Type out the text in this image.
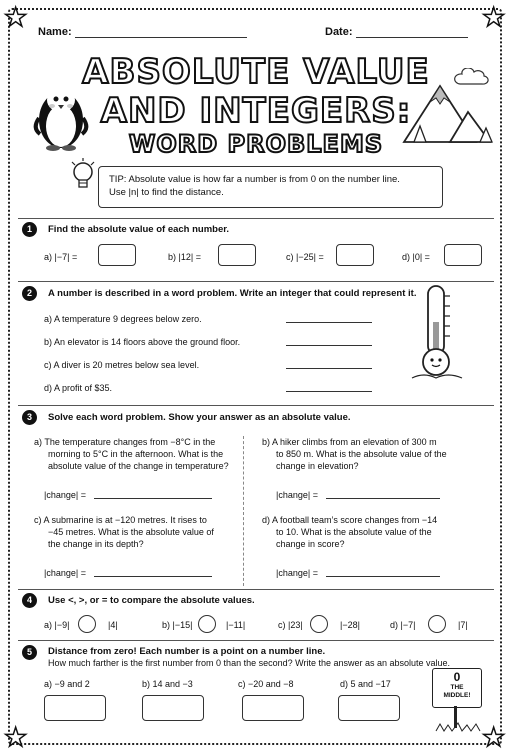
★	★
★	★
Name:	Date:
ABSOLUTE VALUE
AND INTEGERS:
WORD PROBLEMS
TIP: Absolute value is how far a number is from 0 on the number line.
Use |n| to find the distance.
1	Find the absolute value of each number.
a) |−7| =	b) |12| =	c) |−25| =	d) |0| =
2	A number is described in a word problem. Write an integer that could represent it.
a) A temperature 9 degrees below zero.
b) An elevator is 14 floors above the ground floor.
c) A diver is 20 metres below sea level.
d) A profit of $35.
3	Solve each word problem. Show your answer as an absolute value.
a) The temperature changes from −8°C in the
morning to 5°C in the afternoon. What is the
absolute value of the change in temperature?
|change| =
b) A hiker climbs from an elevation of 300 m
to 850 m. What is the absolute value of the
change in elevation?
|change| =
c) A submarine is at −120 metres. It rises to
−45 metres. What is the absolute value of
the change in its depth?
|change| =
d) A football team’s score changes from −14
to 10. What is the absolute value of the
change in score?
|change| =
4	Use <, >, or = to compare the absolute values.
a) |−9|	|4|	b) |−15|	|−11|	c) |23|	|−28|	d) |−7|	|7|
5	Distance from zero! Each number is a point on a number line.
How much farther is the first number from 0 than the second? Write the answer as an absolute value.
a) −9 and 2	b) 14 and −3	c) −20 and −8	d) 5 and −17	0
THE
MIDDLE!
